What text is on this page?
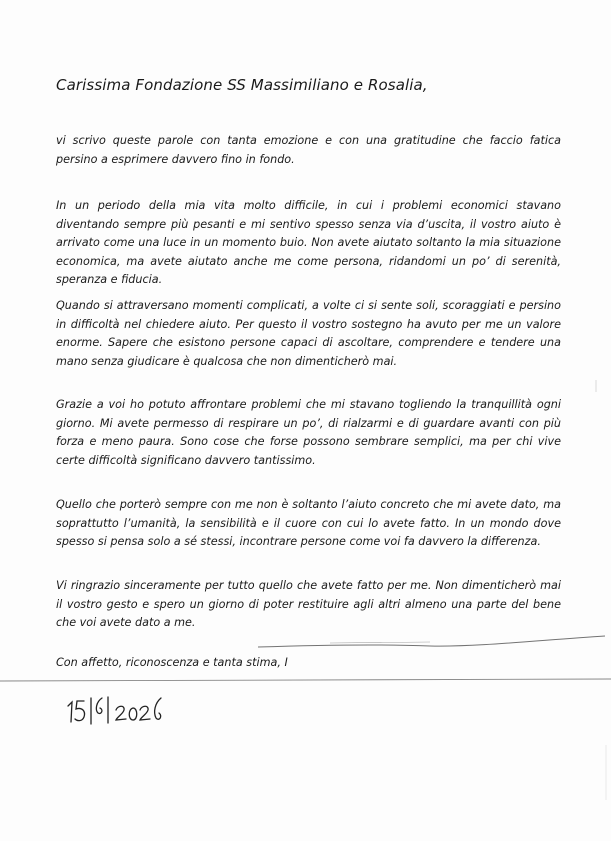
Carissima Fondazione SS Massimiliano e Rosalia,

vi scrivo queste parole con tanta emozione e con una gratitudine che faccio fatica persino a esprimere davvero fino in fondo.

In un periodo della mia vita molto difficile, in cui i problemi economici stavano diventando sempre più pesanti e mi sentivo spesso senza via d’uscita, il vostro aiuto è arrivato come una luce in un momento buio. Non avete aiutato soltanto la mia situazione economica, ma avete aiutato anche me come persona, ridandomi un po’ di serenità, speranza e fiducia.

Quando si attraversano momenti complicati, a volte ci si sente soli, scoraggiati e persino in difficoltà nel chiedere aiuto. Per questo il vostro sostegno ha avuto per me un valore enorme. Sapere che esistono persone capaci di ascoltare, comprendere e tendere una mano senza giudicare è qualcosa che non dimenticherò mai.

Grazie a voi ho potuto affrontare problemi che mi stavano togliendo la tranquillità ogni giorno. Mi avete permesso di respirare un po’, di rialzarmi e di guardare avanti con più forza e meno paura. Sono cose che forse possono sembrare semplici, ma per chi vive certe difficoltà significano davvero tantissimo.

Quello che porterò sempre con me non è soltanto l’aiuto concreto che mi avete dato, ma soprattutto l’umanità, la sensibilità e il cuore con cui lo avete fatto. In un mondo dove spesso si pensa solo a sé stessi, incontrare persone come voi fa davvero la differenza.

Vi ringrazio sinceramente per tutto quello che avete fatto per me. Non dimenticherò mai il vostro gesto e spero un giorno di poter restituire agli altri almeno una parte del bene che voi avete dato a me.

Con affetto, riconoscenza e tanta stima, I
